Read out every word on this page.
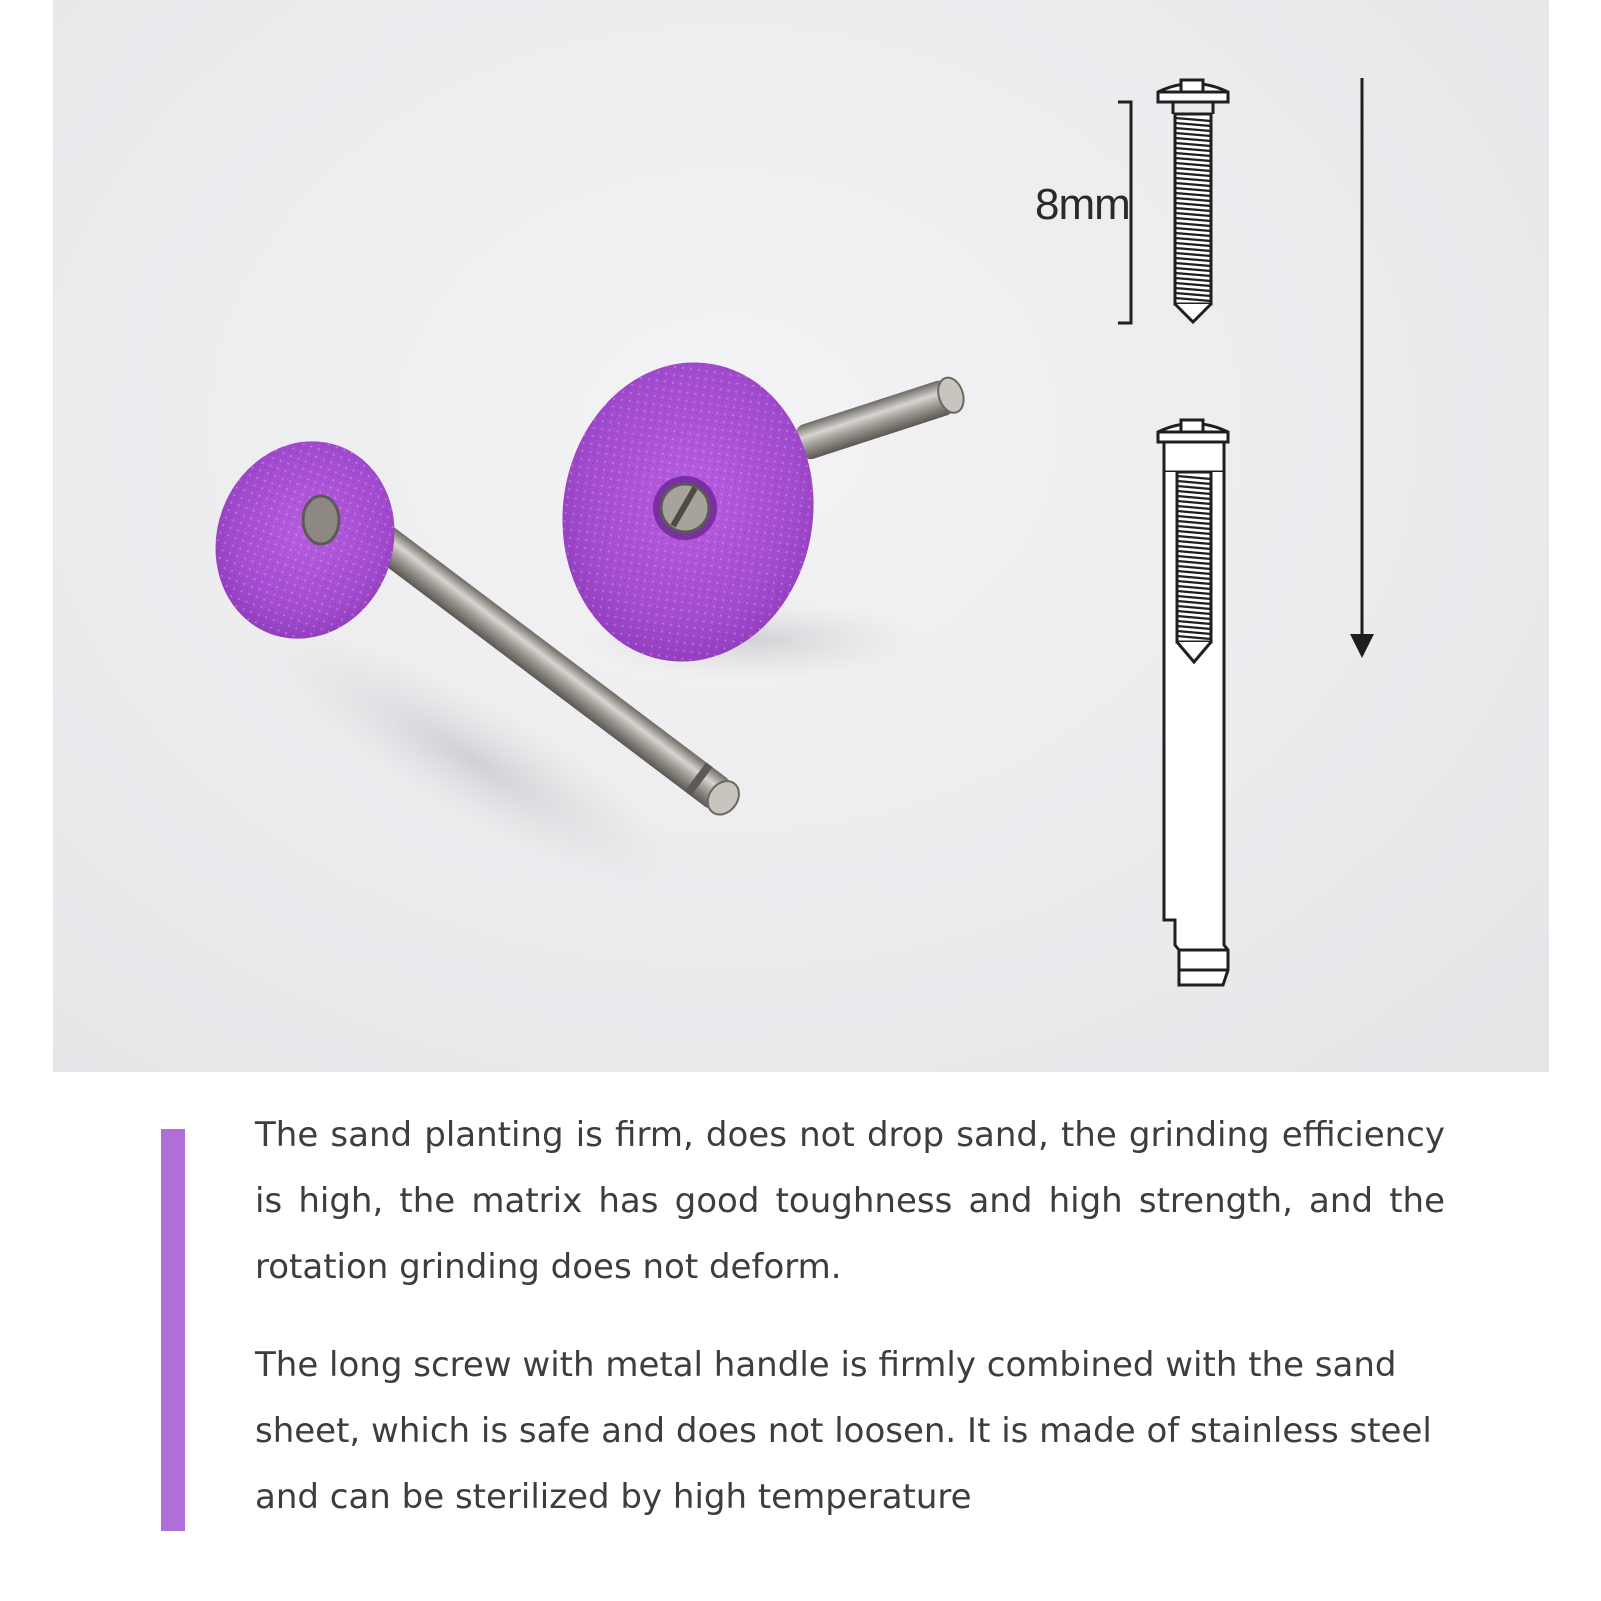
8mm

The sand planting is firm, does not drop sand, the grinding efficiency is high, the matrix has good toughness and high strength, and the rotation grinding does not deform.

The long screw with metal handle is firmly combined with the sand sheet, which is safe and does not loosen. It is made of stainless steel and can be sterilized by high temperature
